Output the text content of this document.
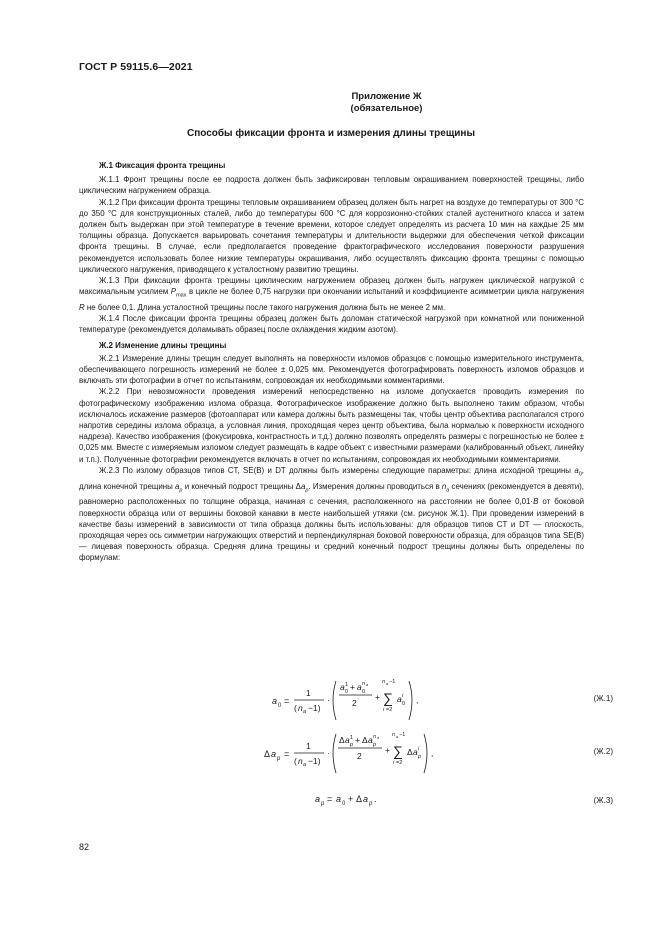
ГОСТ Р 59115.6—2021
Приложение Ж
(обязательное)
Способы фиксации фронта и измерения длины трещины
Ж.1 Фиксация фронта трещины

Ж.1.1 Фронт трещины после ее подроста должен быть зафиксирован тепловым окрашиванием поверхностей трещины, либо циклическим нагружением образца.

Ж.1.2 При фиксации фронта трещины тепловым окрашиванием образец должен быть нагрет на воздухе до температуры от 300 °С до 350 °С для конструкционных сталей, либо до температуры 600 °С для коррозионно-стойких сталей аустенитного класса и затем должен быть выдержан при этой температуре в течение времени, которое следует определять из расчета 10 мин на каждые 25 мм толщины образца. Допускается варьировать сочетания температуры и длительности выдержки для обеспечения четкой фиксации фронта трещины. В случае, если предполагается проведение фрактографического исследования поверхности разрушения рекомендуется использовать более низкие температуры окрашивания, либо осуществлять фиксацию фронта трещины с помощью циклического нагружения, приводящего к усталостному развитию трещины.

Ж.1.3 При фиксации фронта трещины циклическим нагружением образец должен быть нагружен циклической нагрузкой с максимальным усилием $P_{max}$ в цикле не более 0,75 нагрузки при окончании испытаний и коэффициенте асимметрии цикла нагружения R не более 0,1. Длина усталостной трещины после такого нагружения должна быть не менее 2 мм.

Ж.1.4 После фиксации фронта трещины образец должен быть доломан статической нагрузкой при комнатной или пониженной температуре (рекомендуется доламывать образец после охлаждения жидким азотом).

Ж.2 Изменение длины трещины

Ж.2.1 Измерение длины трещин следует выполнять на поверхности изломов образцов с помощью измерительного инструмента, обеспечивающего погрешность измерений не более ± 0,025 мм. Рекомендуется фотографировать поверхность изломов образцов и включать эти фотографии в отчет по испытаниям, сопровождая их необходимыми комментариями.

Ж.2.2 При невозможности проведения измерений непосредственно на изломе допускается проводить измерения по фотографическому изображению излома образца. Фотографическое изображение должно быть выполнено таким образом, чтобы исключалось искажение размеров (фотоаппарат или камера должны быть размещены так, чтобы центр объектива располагался строго напротив середины излома образца, а условная линия, проходящая через центр объектива, была нормалью к поверхности исходного надреза). Качество изображения (фокусировка, контрастность и т.д.) должно позволять определять размеры с погрешностью не более ± 0,025 мм. Вместе с измеряемым изломом следует размещать в кадре объект с известными размерами (калиброванный объект, линейку и т.п.). Полученные фотографии рекомендуется включать в отчет по испытаниям, сопровождая их необходимыми комментариями.

Ж.2.3 По излому образцов типов CT, SE(B) и DT должны быть измерены следующие параметры: длина исходной трещины $a_0$, длина конечной трещины $a_p$ и конечный подрост трещины $\Delta a_p$. Измерения должны проводиться в $n_a$ сечениях (рекомендуется в девяти), равномерно расположенных по толщине образца, начиная с сечения, расположенного на расстоянии не более 0,01·B от боковой поверхности образца или от вершины боковой канавки в месте наибольшей утяжки (см. рисунок Ж.1). При проведении измерений в качестве базы измерений в зависимости от типа образца должны быть использованы: для образцов типов CT и DT — плоскость, проходящая через ось симметрии нагружающих отверстий и перпендикулярная боковой поверхности образца, для образцов типа SE(B) — лицевая поверхность образца. Средняя длина трещины и средний конечный подрост трещины должны быть определены по формулам:

a 0 =
1
( n a −1)
·
a 0
1 + a 0
n a
2
+
n a −1
∑
i =2
a 0
i ,	(Ж.1)
Δ a p =
1
( n a −1)
·
Δ a p
1 + Δ a p
n a
2
+
n a −1
∑
i =2
Δ a p
i ,	(Ж.2)
a p = a 0 + Δ a p .	(Ж.3)
82
